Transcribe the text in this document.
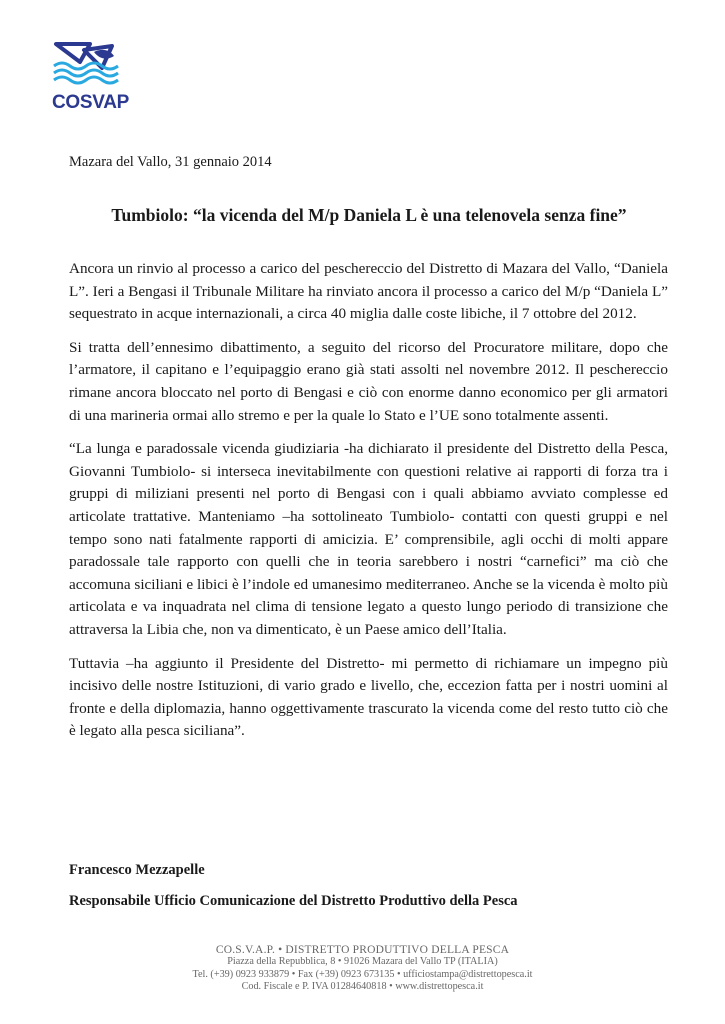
COSVAP
Mazara del Vallo, 31 gennaio 2014
Tumbiolo: “la vicenda del M/p Daniela L è una telenovela senza fine”

Ancora un rinvio al processo a carico del peschereccio del Distretto di Mazara del Vallo, “Daniela L”. Ieri a Bengasi il Tribunale Militare ha rinviato ancora il processo a carico del M/p “Daniela L” sequestrato in acque internazionali, a circa 40 miglia dalle coste libiche, il 7 ottobre del 2012.

Si tratta dell’ennesimo dibattimento, a seguito del ricorso del Procuratore militare, dopo che l’armatore, il capitano e l’equipaggio erano già stati assolti nel novembre 2012. Il peschereccio rimane ancora bloccato nel porto di Bengasi e ciò con enorme danno economico per gli armatori di una marineria ormai allo stremo e per la quale lo Stato e l’UE sono totalmente assenti.

“La lunga e paradossale vicenda giudiziaria -ha dichiarato il presidente del Distretto della Pesca, Giovanni Tumbiolo- si interseca inevitabilmente con questioni relative ai rapporti di forza tra i gruppi di miliziani presenti nel porto di Bengasi con i quali abbiamo avviato complesse ed articolate trattative. Manteniamo –ha sottolineato Tumbiolo- contatti con questi gruppi e nel tempo sono nati fatalmente rapporti di amicizia. E’ comprensibile, agli occhi di molti appare paradossale tale rapporto con quelli che in teoria sarebbero i nostri “carnefici” ma ciò che accomuna siciliani e libici è l’indole ed umanesimo mediterraneo. Anche se la vicenda è molto più articolata e va inquadrata nel clima di tensione legato a questo lungo periodo di transizione che attraversa la Libia che, non va dimenticato, è un Paese amico dell’Italia.

Tuttavia –ha aggiunto il Presidente del Distretto- mi permetto di richiamare un impegno più incisivo delle nostre Istituzioni, di vario grado e livello, che, eccezion fatta per i nostri uomini al fronte e della diplomazia, hanno oggettivamente trascurato la vicenda come del resto tutto ciò che è legato alla pesca siciliana”.

Francesco Mezzapelle
Responsabile Ufficio Comunicazione del Distretto Produttivo della Pesca
CO.S.V.A.P. • DISTRETTO PRODUTTIVO DELLA PESCA
Piazza della Repubblica, 8 • 91026 Mazara del Vallo TP (ITALIA)
Tel. (+39) 0923 933879 • Fax (+39) 0923 673135 • ufficiostampa@distrettopesca.it
Cod. Fiscale e P. IVA 01284640818 • www.distrettopesca.it
